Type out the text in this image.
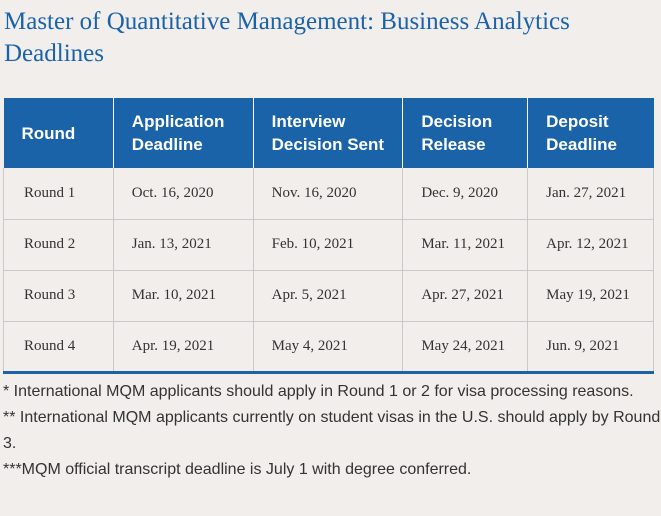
Master of Quantitative Management: Business Analytics Deadlines
Round	Application Deadline	Interview Decision Sent	Decision Release	Deposit Deadline
Round 1	Oct. 16, 2020	Nov. 16, 2020	Dec. 9, 2020	Jan. 27, 2021
Round 2	Jan. 13, 2021	Feb. 10, 2021	Mar. 11, 2021	Apr. 12, 2021
Round 3	Mar. 10, 2021	Apr. 5, 2021	Apr. 27, 2021	May 19, 2021
Round 4	Apr. 19, 2021	May 4, 2021	May 24, 2021	Jun. 9, 2021

* International MQM applicants should apply in Round 1 or 2 for visa processing reasons.

** International MQM applicants currently on student visas in the U.S. should apply by Round 3.

***MQM official transcript deadline is July 1 with degree conferred.
